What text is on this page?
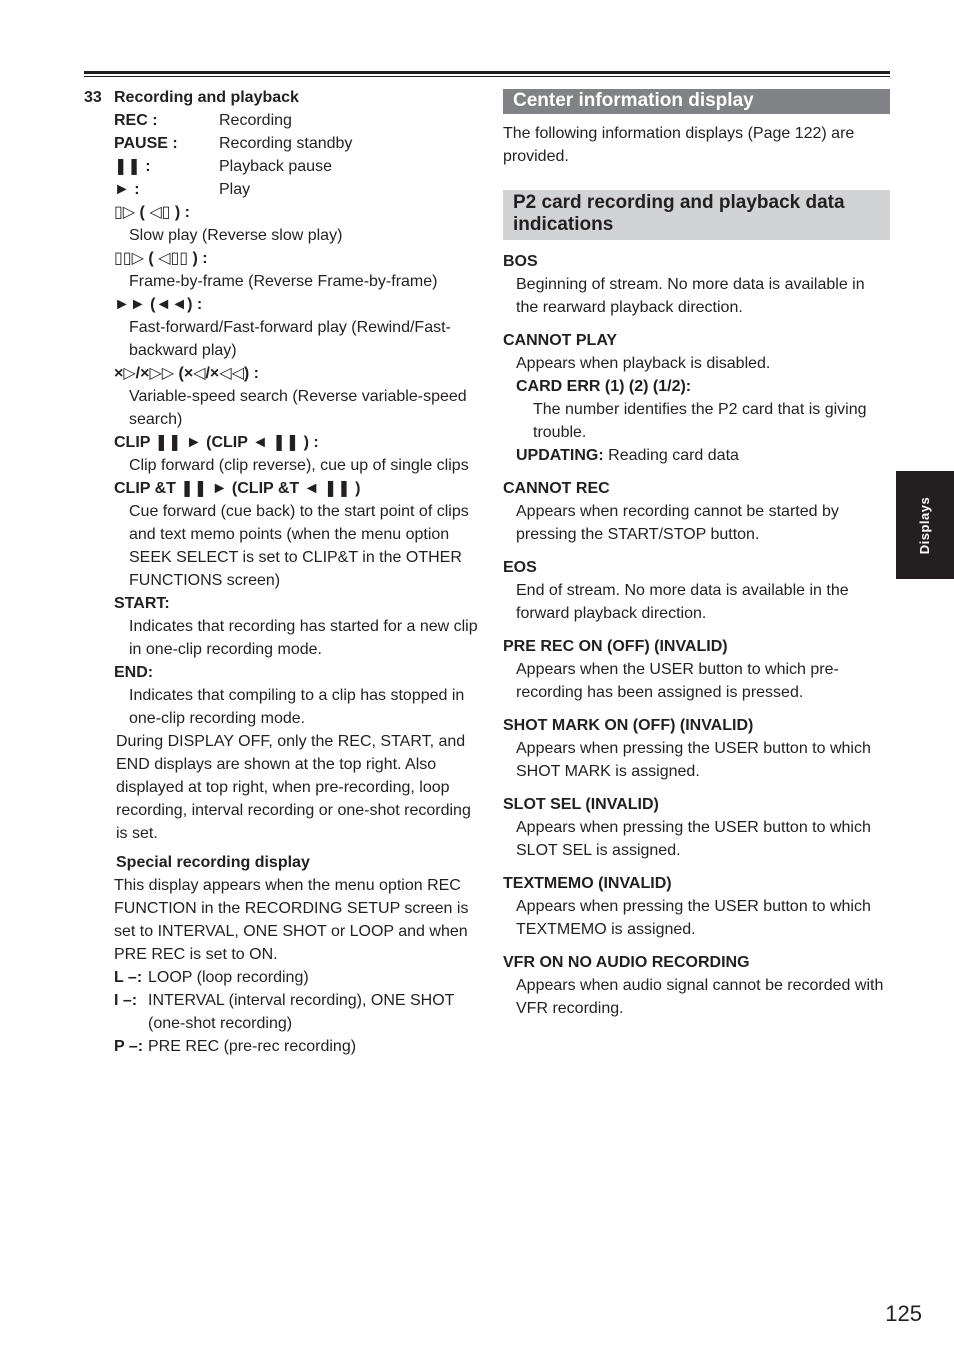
33 Recording and playback
REC :	Recording
PAUSE :	Recording standby
❚❚ :	Playback pause
► :	Play
▯▷ ( ◁▯ ) :
Slow play (Reverse slow play)
▯▯▷ ( ◁▯▯ ) :
Frame-by-frame (Reverse Frame-by-frame)
►► (◄◄) :
Fast-forward/Fast-forward play (Rewind/Fast-backward play)
×▷/×▷▷ (×◁/×◁◁) :
Variable-speed search (Reverse variable-speed search)
CLIP ❚❚ ► (CLIP ◄ ❚❚ ) :
Clip forward (clip reverse), cue up of single clips
CLIP &T ❚❚ ► (CLIP &T ◄ ❚❚ )
Cue forward (cue back) to the start point of clips and text memo points (when the menu option SEEK SELECT is set to CLIP&T in the OTHER FUNCTIONS screen)
START:
Indicates that recording has started for a new clip in one-clip recording mode.
END:
Indicates that compiling to a clip has stopped in one-clip recording mode.
During DISPLAY OFF, only the REC, START, and END displays are shown at the top right. Also displayed at top right, when pre-recording, loop recording, interval recording or one-shot recording is set.
Special recording display
This display appears when the menu option REC FUNCTION in the RECORDING SETUP screen is set to INTERVAL, ONE SHOT or LOOP and when PRE REC is set to ON.
L –: LOOP (loop recording)
I –: INTERVAL (interval recording), ONE SHOT (one-shot recording)
P –: PRE REC (pre-rec recording)
Center information display
The following information displays (Page 122) are provided.
P2 card recording and playback data indications
BOS
Beginning of stream. No more data is available in the rearward playback direction.
CANNOT PLAY
Appears when playback is disabled.
CARD ERR (1) (2) (1/2):
The number identifies the P2 card that is giving trouble.
UPDATING: Reading card data
CANNOT REC
Appears when recording cannot be started by pressing the START/STOP button.
EOS
End of stream. No more data is available in the forward playback direction.
PRE REC ON (OFF) (INVALID)
Appears when the USER button to which pre-recording has been assigned is pressed.
SHOT MARK ON (OFF) (INVALID)
Appears when pressing the USER button to which SHOT MARK is assigned.
SLOT SEL (INVALID)
Appears when pressing the USER button to which SLOT SEL is assigned.
TEXTMEMO (INVALID)
Appears when pressing the USER button to which TEXTMEMO is assigned.
VFR ON NO AUDIO RECORDING
Appears when audio signal cannot be recorded with VFR recording.
Displays
125
